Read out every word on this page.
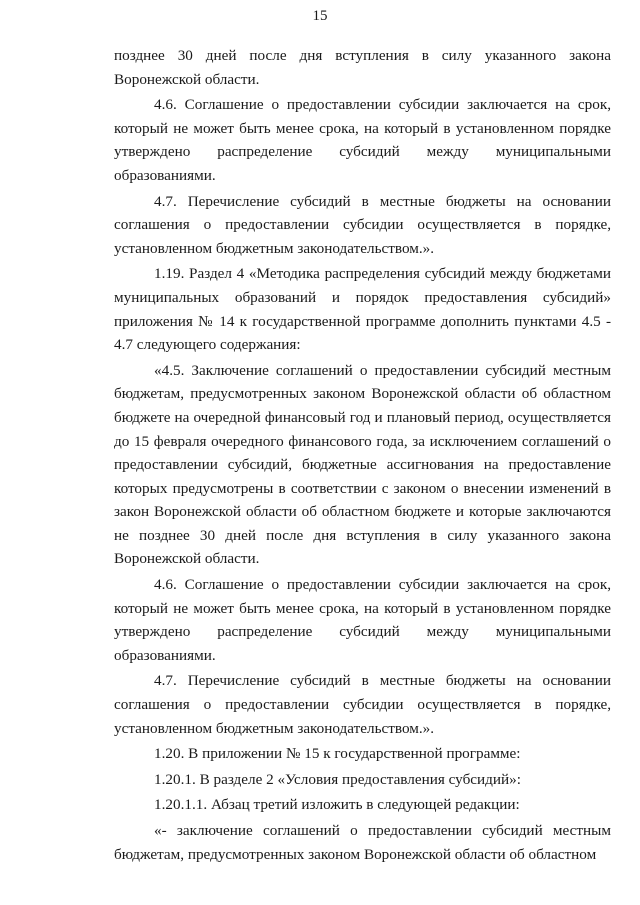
15

позднее 30 дней после дня вступления в силу указанного закона Воронежской области.

4.6. Соглашение о предоставлении субсидии заключается на срок, который не может быть менее срока, на который в установленном порядке утверждено распределение субсидий между муниципальными образованиями.

4.7. Перечисление субсидий в местные бюджеты на основании соглашения о предоставлении субсидии осуществляется в порядке, установленном бюджетным законодательством.».

1.19. Раздел 4 «Методика распределения субсидий между бюджетами муниципальных образований и порядок предоставления субсидий» приложения № 14 к государственной программе дополнить пунктами 4.5 - 4.7 следующего содержания:

«4.5. Заключение соглашений о предоставлении субсидий местным бюджетам, предусмотренных законом Воронежской области об областном бюджете на очередной финансовый год и плановый период, осуществляется до 15 февраля очередного финансового года, за исключением соглашений о предоставлении субсидий, бюджетные ассигнования на предоставление которых предусмотрены в соответствии с законом о внесении изменений в закон Воронежской области об областном бюджете и которые заключаются не позднее 30 дней после дня вступления в силу указанного закона Воронежской области.

4.6. Соглашение о предоставлении субсидии заключается на срок, который не может быть менее срока, на который в установленном порядке утверждено распределение субсидий между муниципальными образованиями.

4.7. Перечисление субсидий в местные бюджеты на основании соглашения о предоставлении субсидии осуществляется в порядке, установленном бюджетным законодательством.».

1.20. В приложении № 15 к государственной программе:

1.20.1. В разделе 2 «Условия предоставления субсидий»:

1.20.1.1. Абзац третий изложить в следующей редакции:

«- заключение соглашений о предоставлении субсидий местным бюджетам, предусмотренных законом Воронежской области об областном
